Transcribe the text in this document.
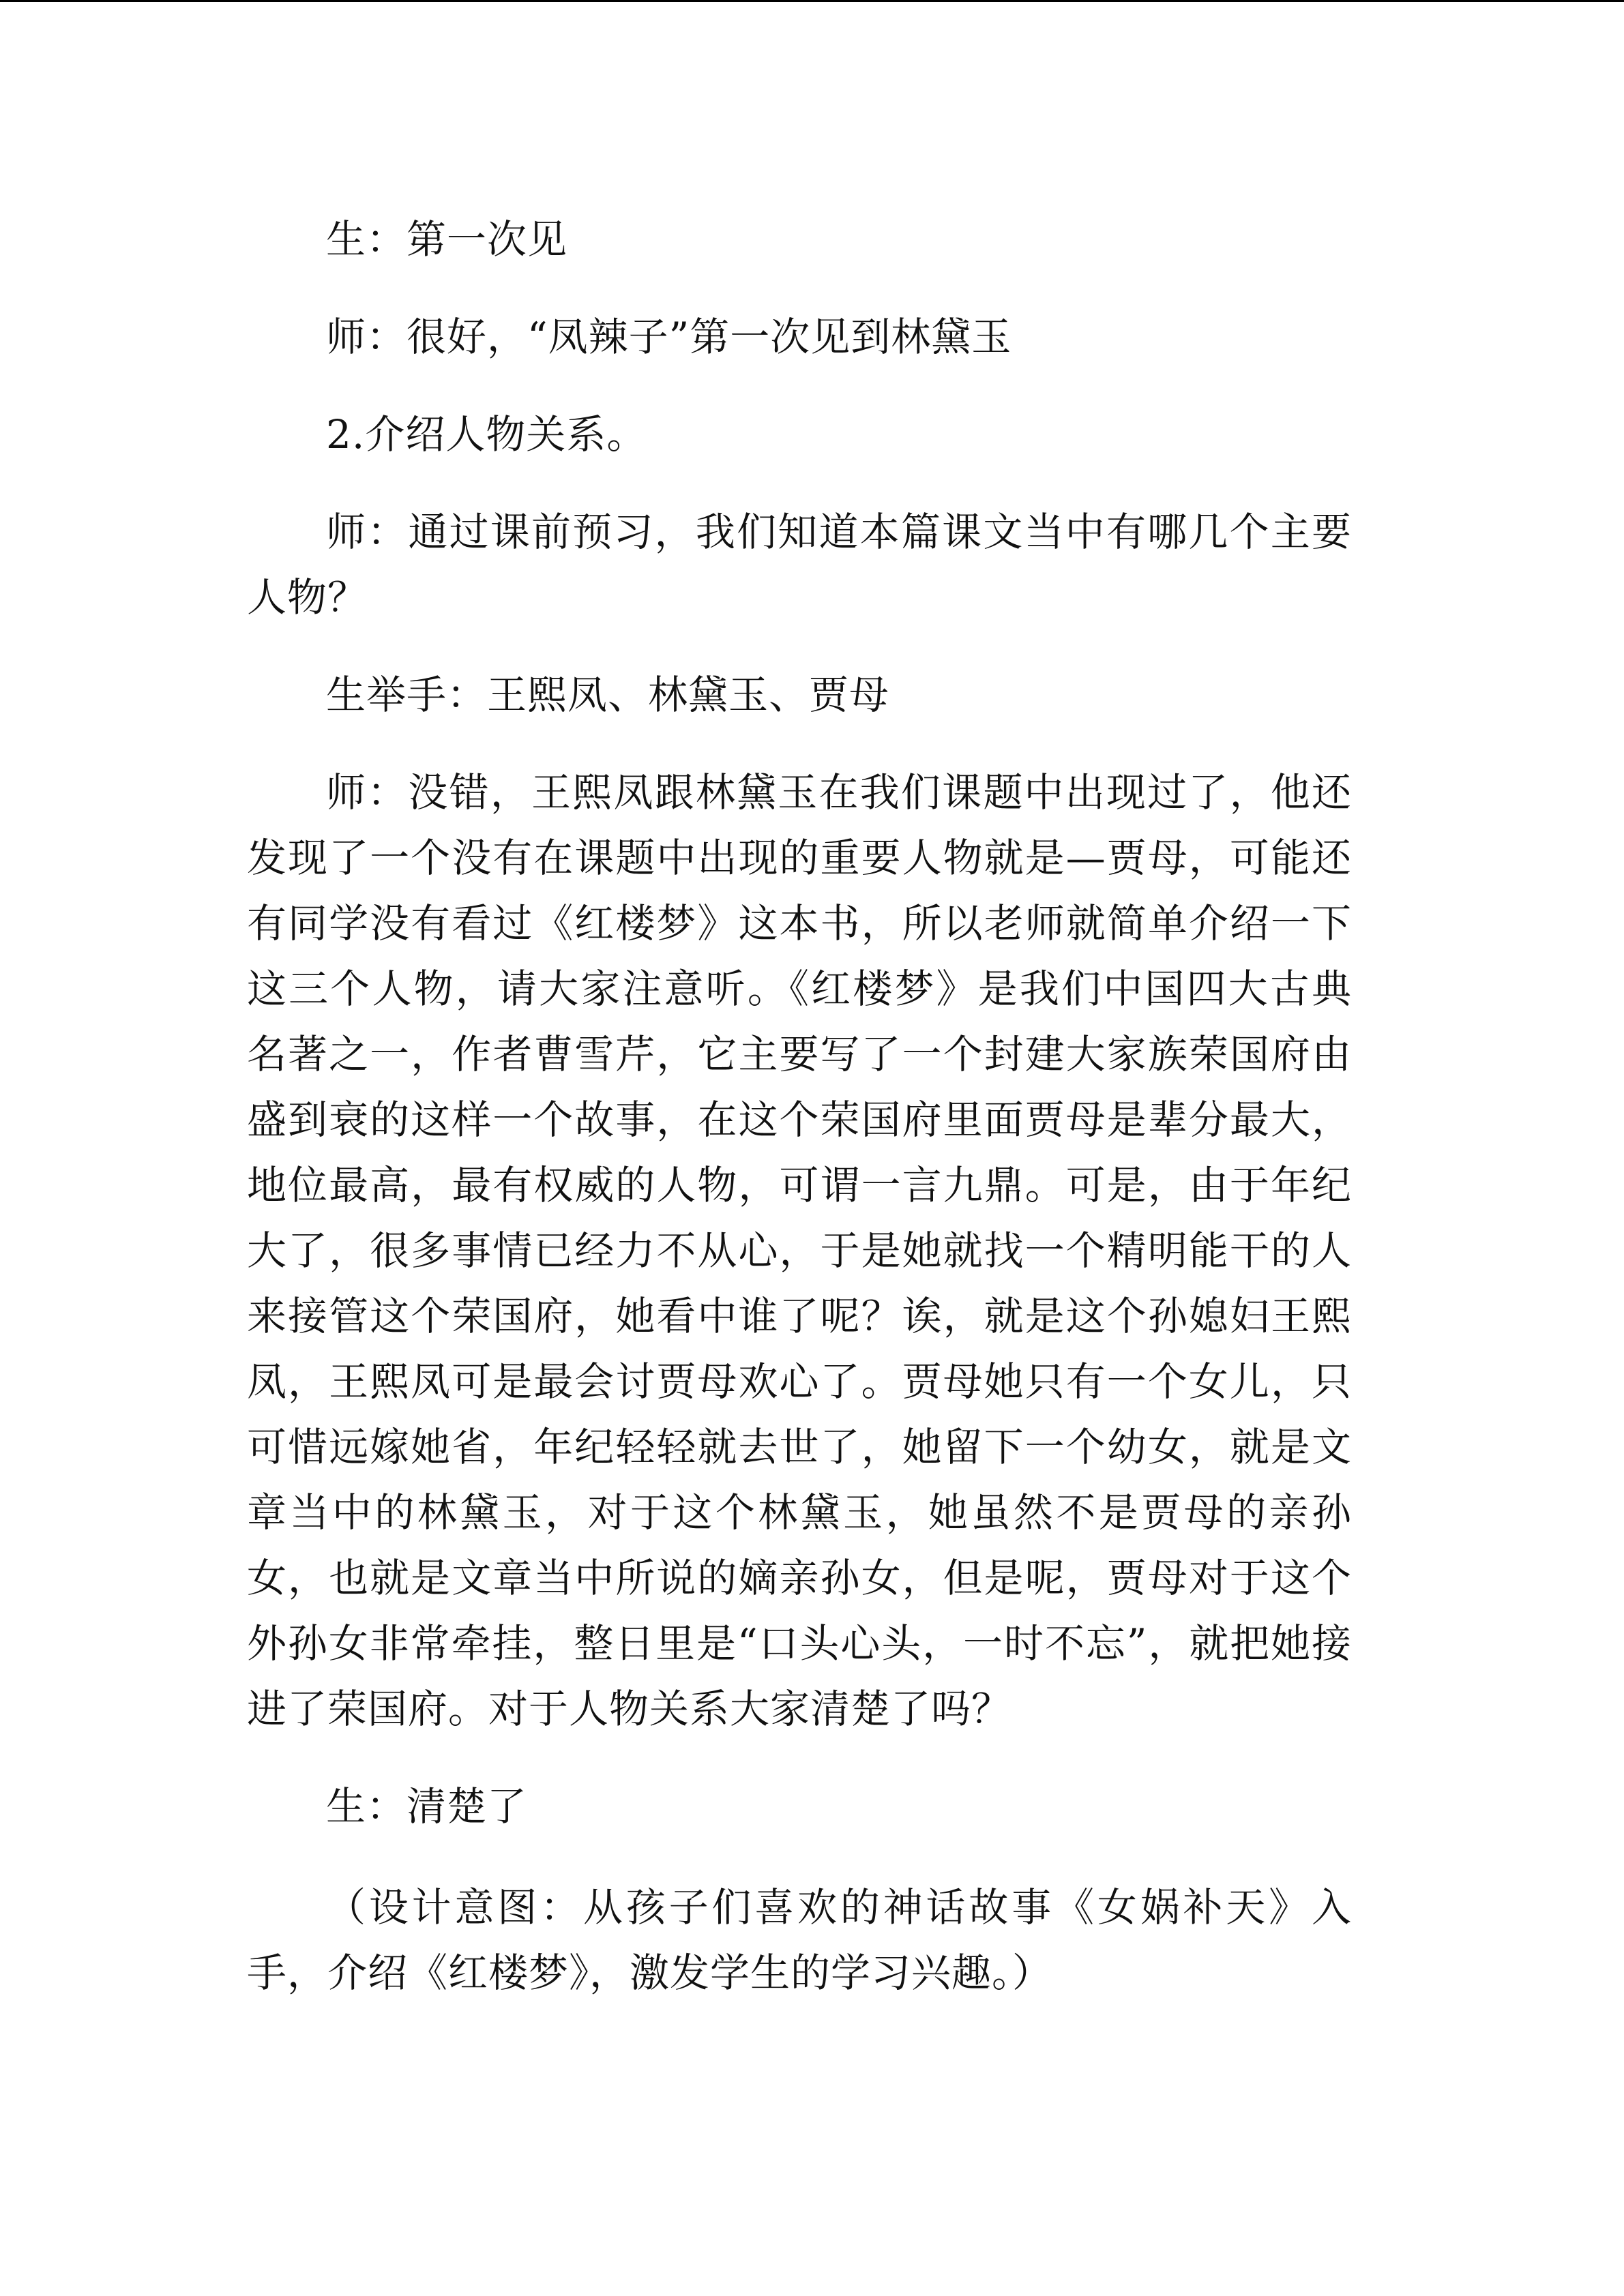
生：第一次见

师：很好，“凤辣子”第一次见到林黛玉

2.介绍人物关系。

师：通过课前预习，我们知道本篇课文当中有哪几个主要人物？

生举手：王熙凤、林黛玉、贾母

师：没错，王熙凤跟林黛玉在我们课题中出现过了，他还发现了一个没有在课题中出现的重要人物就是—贾母，可能还有同学没有看过《红楼梦》这本书，所以老师就简单介绍一下这三个人物，请大家注意听。《红楼梦》是我们中国四大古典名著之一，作者曹雪芹，它主要写了一个封建大家族荣国府由盛到衰的这样一个故事，在这个荣国府里面贾母是辈分最大，地位最高，最有权威的人物，可谓一言九鼎。可是，由于年纪大了，很多事情已经力不从心，于是她就找一个精明能干的人来接管这个荣国府，她看中谁了呢？诶，就是这个孙媳妇王熙凤，王熙凤可是最会讨贾母欢心了。贾母她只有一个女儿，只可惜远嫁她省，年纪轻轻就去世了，她留下一个幼女，就是文章当中的林黛玉，对于这个林黛玉，她虽然不是贾母的亲孙女，也就是文章当中所说的嫡亲孙女，但是呢，贾母对于这个外孙女非常牵挂，整日里是“口头心头，一时不忘”，就把她接进了荣国府。对于人物关系大家清楚了吗？

生：清楚了

（设计意图：从孩子们喜欢的神话故事《女娲补天》入手，介绍《红楼梦》，激发学生的学习兴趣。）
